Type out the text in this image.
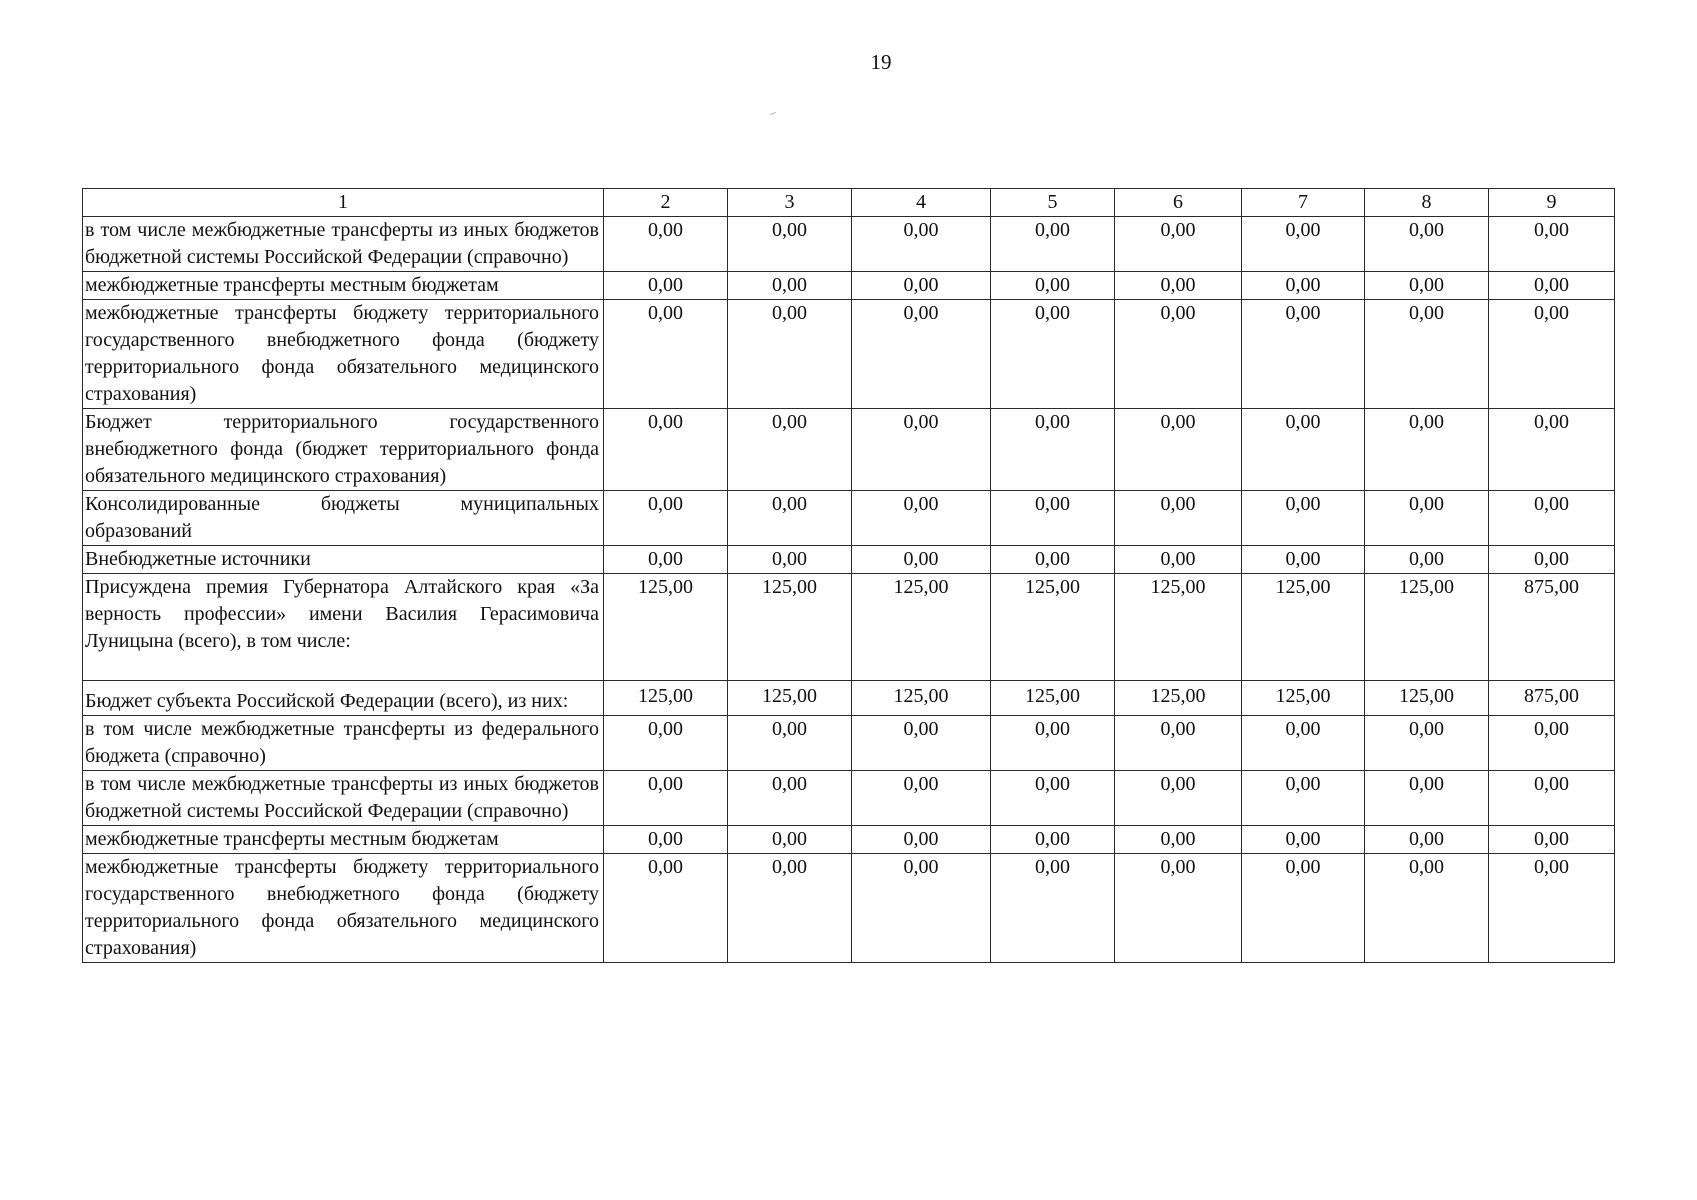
19
1	2	3	4	5	6	7	8	9
в том числе межбюджетные трансферты из иных бюджетов бюджетной системы Российской Федерации (справочно)	0,00	0,00	0,00	0,00	0,00	0,00	0,00	0,00
межбюджетные трансферты местным бюджетам	0,00	0,00	0,00	0,00	0,00	0,00	0,00	0,00
межбюджетные трансферты бюджету территориального государственного внебюджетного фонда (бюджету территориального фонда обязательного медицинского страхования)	0,00	0,00	0,00	0,00	0,00	0,00	0,00	0,00
Бюджет территориального государственного внебюджетного фонда (бюджет территориального фонда обязательного медицинского страхования)	0,00	0,00	0,00	0,00	0,00	0,00	0,00	0,00
Консолидированные бюджеты муниципальных образований	0,00	0,00	0,00	0,00	0,00	0,00	0,00	0,00
Внебюджетные источники	0,00	0,00	0,00	0,00	0,00	0,00	0,00	0,00
Присуждена премия Губернатора Алтайского края «За верность профессии» имени Василия Герасимовича Луницына (всего), в том числе:	125,00	125,00	125,00	125,00	125,00	125,00	125,00	875,00
Бюджет субъекта Российской Федерации (всего), из них:	125,00	125,00	125,00	125,00	125,00	125,00	125,00	875,00
в том числе межбюджетные трансферты из федерального бюджета (справочно)	0,00	0,00	0,00	0,00	0,00	0,00	0,00	0,00
в том числе межбюджетные трансферты из иных бюджетов бюджетной системы Российской Федерации (справочно)	0,00	0,00	0,00	0,00	0,00	0,00	0,00	0,00
межбюджетные трансферты местным бюджетам	0,00	0,00	0,00	0,00	0,00	0,00	0,00	0,00
межбюджетные трансферты бюджету территориального государственного внебюджетного фонда (бюджету территориального фонда обязательного медицинского страхования)	0,00	0,00	0,00	0,00	0,00	0,00	0,00	0,00
